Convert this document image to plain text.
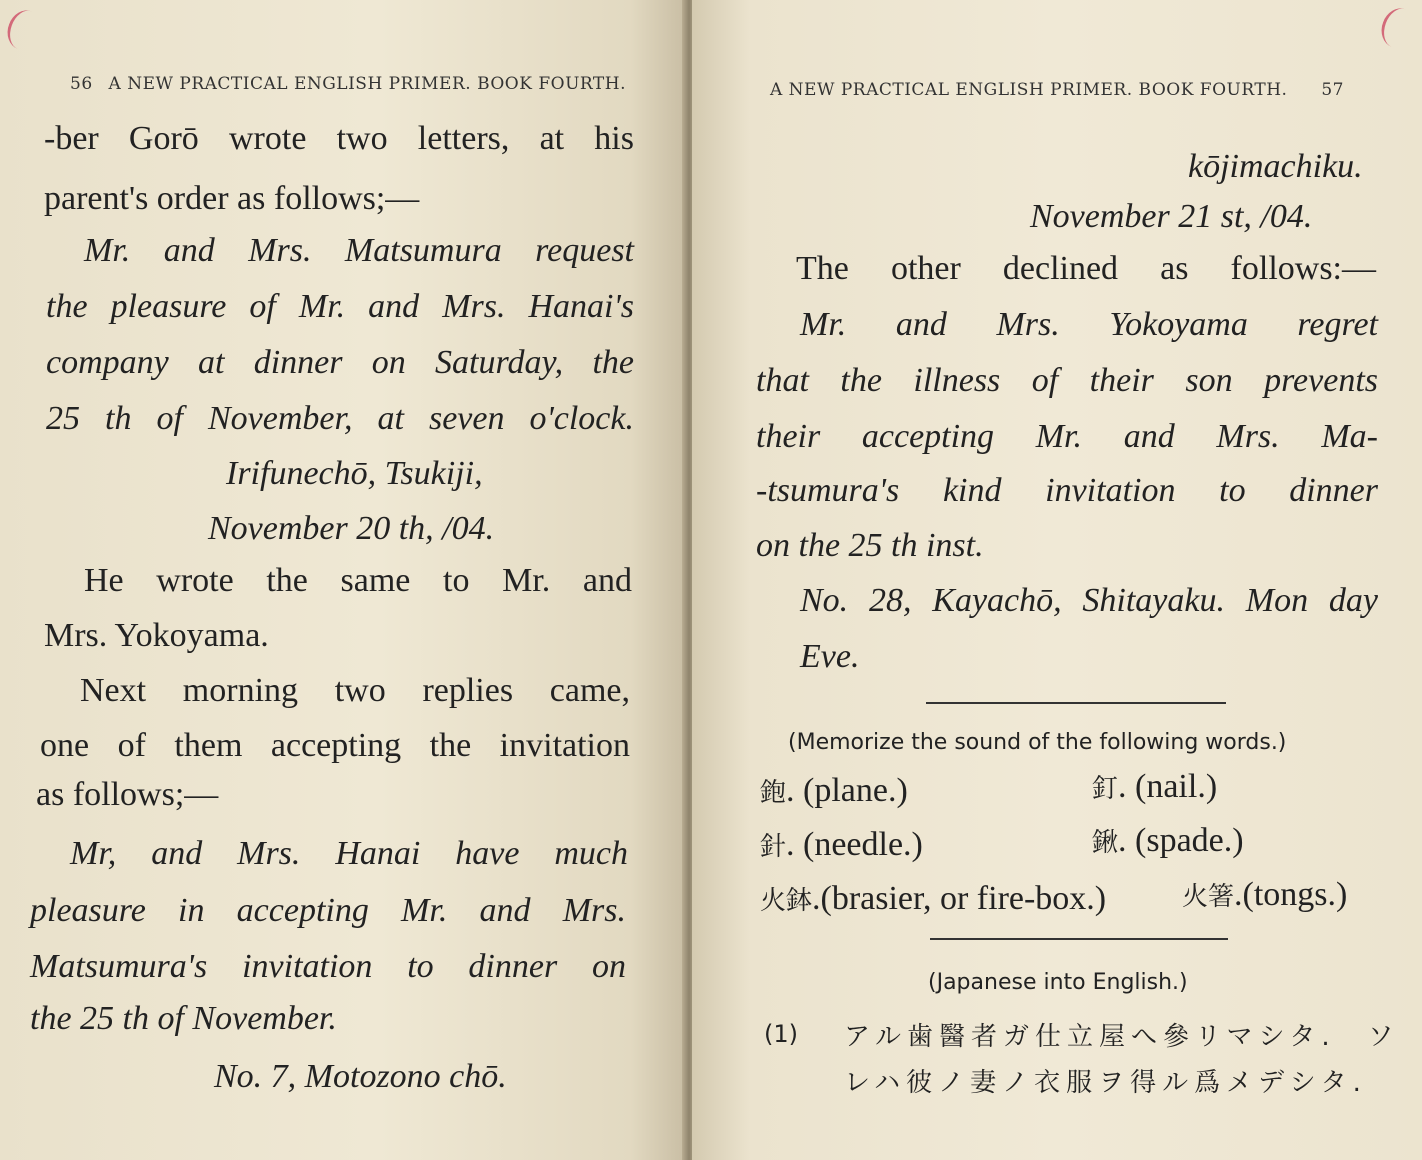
56 A NEW PRACTICAL ENGLISH PRIMER. BOOK FOURTH.
-ber Gorō wrote two letters, at his
parent's order as follows;—
Mr. and Mrs. Matsumura request
the pleasure of Mr. and Mrs. Hanai's
company at dinner on Saturday, the
25 th of November, at seven o'clock.
Irifunechō, Tsukiji,
November 20 th, /04.
He wrote the same to Mr. and
Mrs. Yokoyama.
Next morning two replies came,
one of them accepting the invitation
as follows;—
Mr, and Mrs. Hanai have much
pleasure in accepting Mr. and Mrs.
Matsumura's invitation to dinner on
the 25 th of November.
No. 7, Motozono chō.
A NEW PRACTICAL ENGLISH PRIMER. BOOK FOURTH. 57
kōjimachiku.
November 21 st, /04.
The other declined as follows:—
Mr. and Mrs. Yokoyama regret
that the illness of their son prevents
their accepting Mr. and Mrs. Ma-
-tsumura's kind invitation to dinner
on the 25 th inst.
No. 28, Kayachō, Shitayaku. Mon day
Eve.
(Memorize the sound of the following words.)
鉋. (plane.)	釘. (nail.)
針. (needle.)	鍬. (spade.)
火鉢.(brasier, or fire-box.)	火箸.(tongs.)
(Japanese into English.)
(1) アル歯醫者ガ仕立屋へ參リマシタ.　ソ
レハ彼ノ妻ノ衣服ヲ得ル爲メデシタ.
